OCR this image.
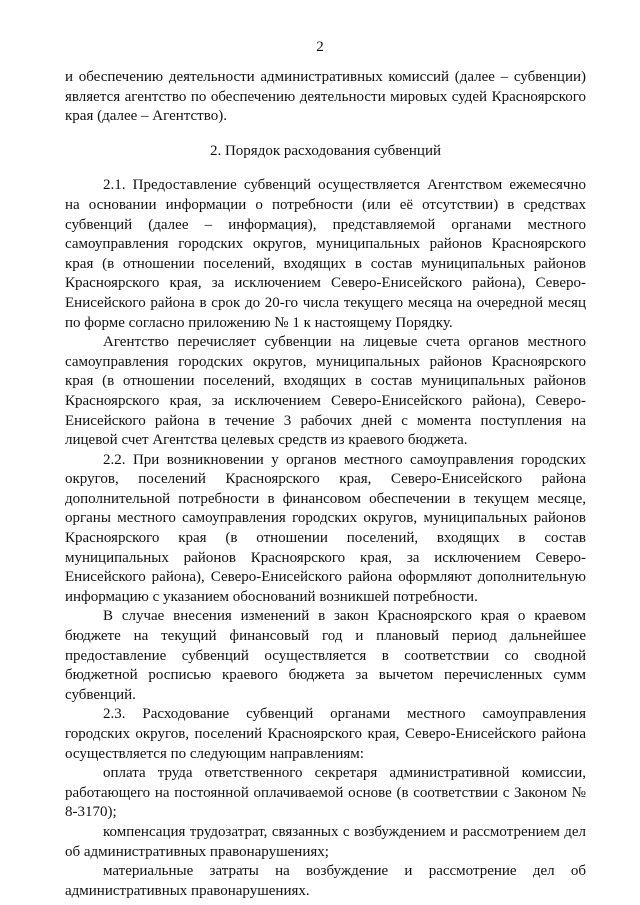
2

и обеспечению деятельности административных комиссий (далее – субвенции) является агентство по обеспечению деятельности мировых судей Красноярского края (далее – Агентство).

2. Порядок расходования субвенций

2.1. Предоставление субвенций осуществляется Агентством ежемесячно на основании информации о потребности (или её отсутствии) в средствах субвенций (далее – информация), представляемой органами местного самоуправления городских округов, муниципальных районов Красноярского края (в отношении поселений, входящих в состав муниципальных районов Красноярского края, за исключением Северо-Енисейского района), Северо-Енисейского района в срок до 20-го числа текущего месяца на очередной месяц по форме согласно приложению № 1 к настоящему Порядку.

Агентство перечисляет субвенции на лицевые счета органов местного самоуправления городских округов, муниципальных районов Красноярского края (в отношении поселений, входящих в состав муниципальных районов Красноярского края, за исключением Северо-Енисейского района), Северо-Енисейского района в течение 3 рабочих дней с момента поступления на лицевой счет Агентства целевых средств из краевого бюджета.

2.2. При возникновении у органов местного самоуправления городских округов, поселений Красноярского края, Северо-Енисейского района дополнительной потребности в финансовом обеспечении в текущем месяце, органы местного самоуправления городских округов, муниципальных районов Красноярского края (в отношении поселений, входящих в состав муниципальных районов Красноярского края, за исключением Северо-Енисейского района), Северо-Енисейского района оформляют дополнительную информацию с указанием обоснований возникшей потребности.

В случае внесения изменений в закон Красноярского края о краевом бюджете на текущий финансовый год и плановый период дальнейшее предоставление субвенций осуществляется в соответствии со сводной бюджетной росписью краевого бюджета за вычетом перечисленных сумм субвенций.

2.3. Расходование субвенций органами местного самоуправления городских округов, поселений Красноярского края, Северо-Енисейского района осуществляется по следующим направлениям:

оплата труда ответственного секретаря административной комиссии, работающего на постоянной оплачиваемой основе (в соответствии с Законом № 8-3170);

компенсация трудозатрат, связанных с возбуждением и рассмотрением дел об административных правонарушениях;

материальные затраты на возбуждение и рассмотрение дел об административных правонарушениях.
